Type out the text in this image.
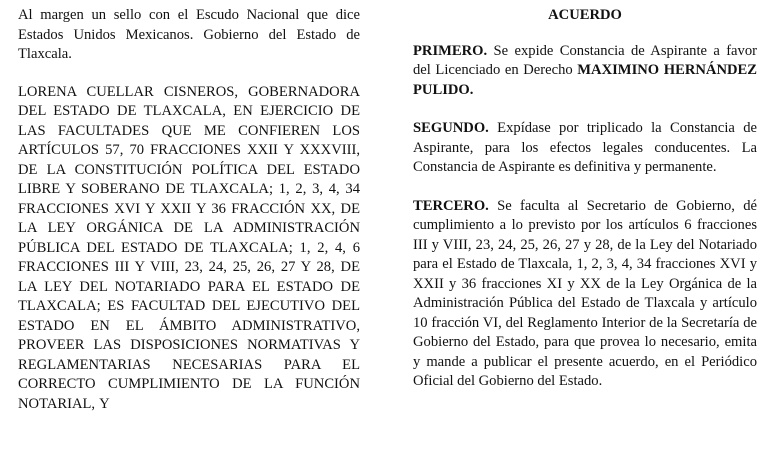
Al margen un sello con el Escudo Nacional que dice Estados Unidos Mexicanos. Gobierno del Estado de Tlaxcala.

LORENA CUELLAR CISNEROS, GOBERNADORA DEL ESTADO DE TLAXCALA, EN EJERCICIO DE LAS FACULTADES QUE ME CONFIEREN LOS ARTÍCULOS 57, 70 FRACCIONES XXII Y XXXVIII, DE LA CONSTITUCIÓN POLÍTICA DEL ESTADO LIBRE Y SOBERANO DE TLAXCALA; 1, 2, 3, 4, 34 FRACCIONES XVI Y XXII Y 36 FRACCIÓN XX, DE LA LEY ORGÁNICA DE LA ADMINISTRACIÓN PÚBLICA DEL ESTADO DE TLAXCALA; 1, 2, 4, 6 FRACCIONES III Y VIII, 23, 24, 25, 26, 27 Y 28, DE LA LEY DEL NOTARIADO PARA EL ESTADO DE TLAXCALA; ES FACULTAD DEL EJECUTIVO DEL ESTADO EN EL ÁMBITO ADMINISTRATIVO, PROVEER LAS DISPOSICIONES NORMATIVAS Y REGLAMENTARIAS NECESARIAS PARA EL CORRECTO CUMPLIMIENTO DE LA FUNCIÓN NOTARIAL, Y

ACUERDO

PRIMERO. Se expide Constancia de Aspirante a favor del Licenciado en Derecho MAXIMINO HERNÁNDEZ PULIDO.

SEGUNDO. Expídase por triplicado la Constancia de Aspirante, para los efectos legales conducentes. La Constancia de Aspirante es definitiva y permanente.

TERCERO. Se faculta al Secretario de Gobierno, dé cumplimiento a lo previsto por los artículos 6 fracciones III y VIII, 23, 24, 25, 26, 27 y 28, de la Ley del Notariado para el Estado de Tlaxcala, 1, 2, 3, 4, 34 fracciones XVI y XXII y 36 fracciones XI y XX de la Ley Orgánica de la Administración Pública del Estado de Tlaxcala y artículo 10 fracción VI, del Reglamento Interior de la Secretaría de Gobierno del Estado, para que provea lo necesario, emita y mande a publicar el presente acuerdo, en el Periódico Oficial del Gobierno del Estado.
